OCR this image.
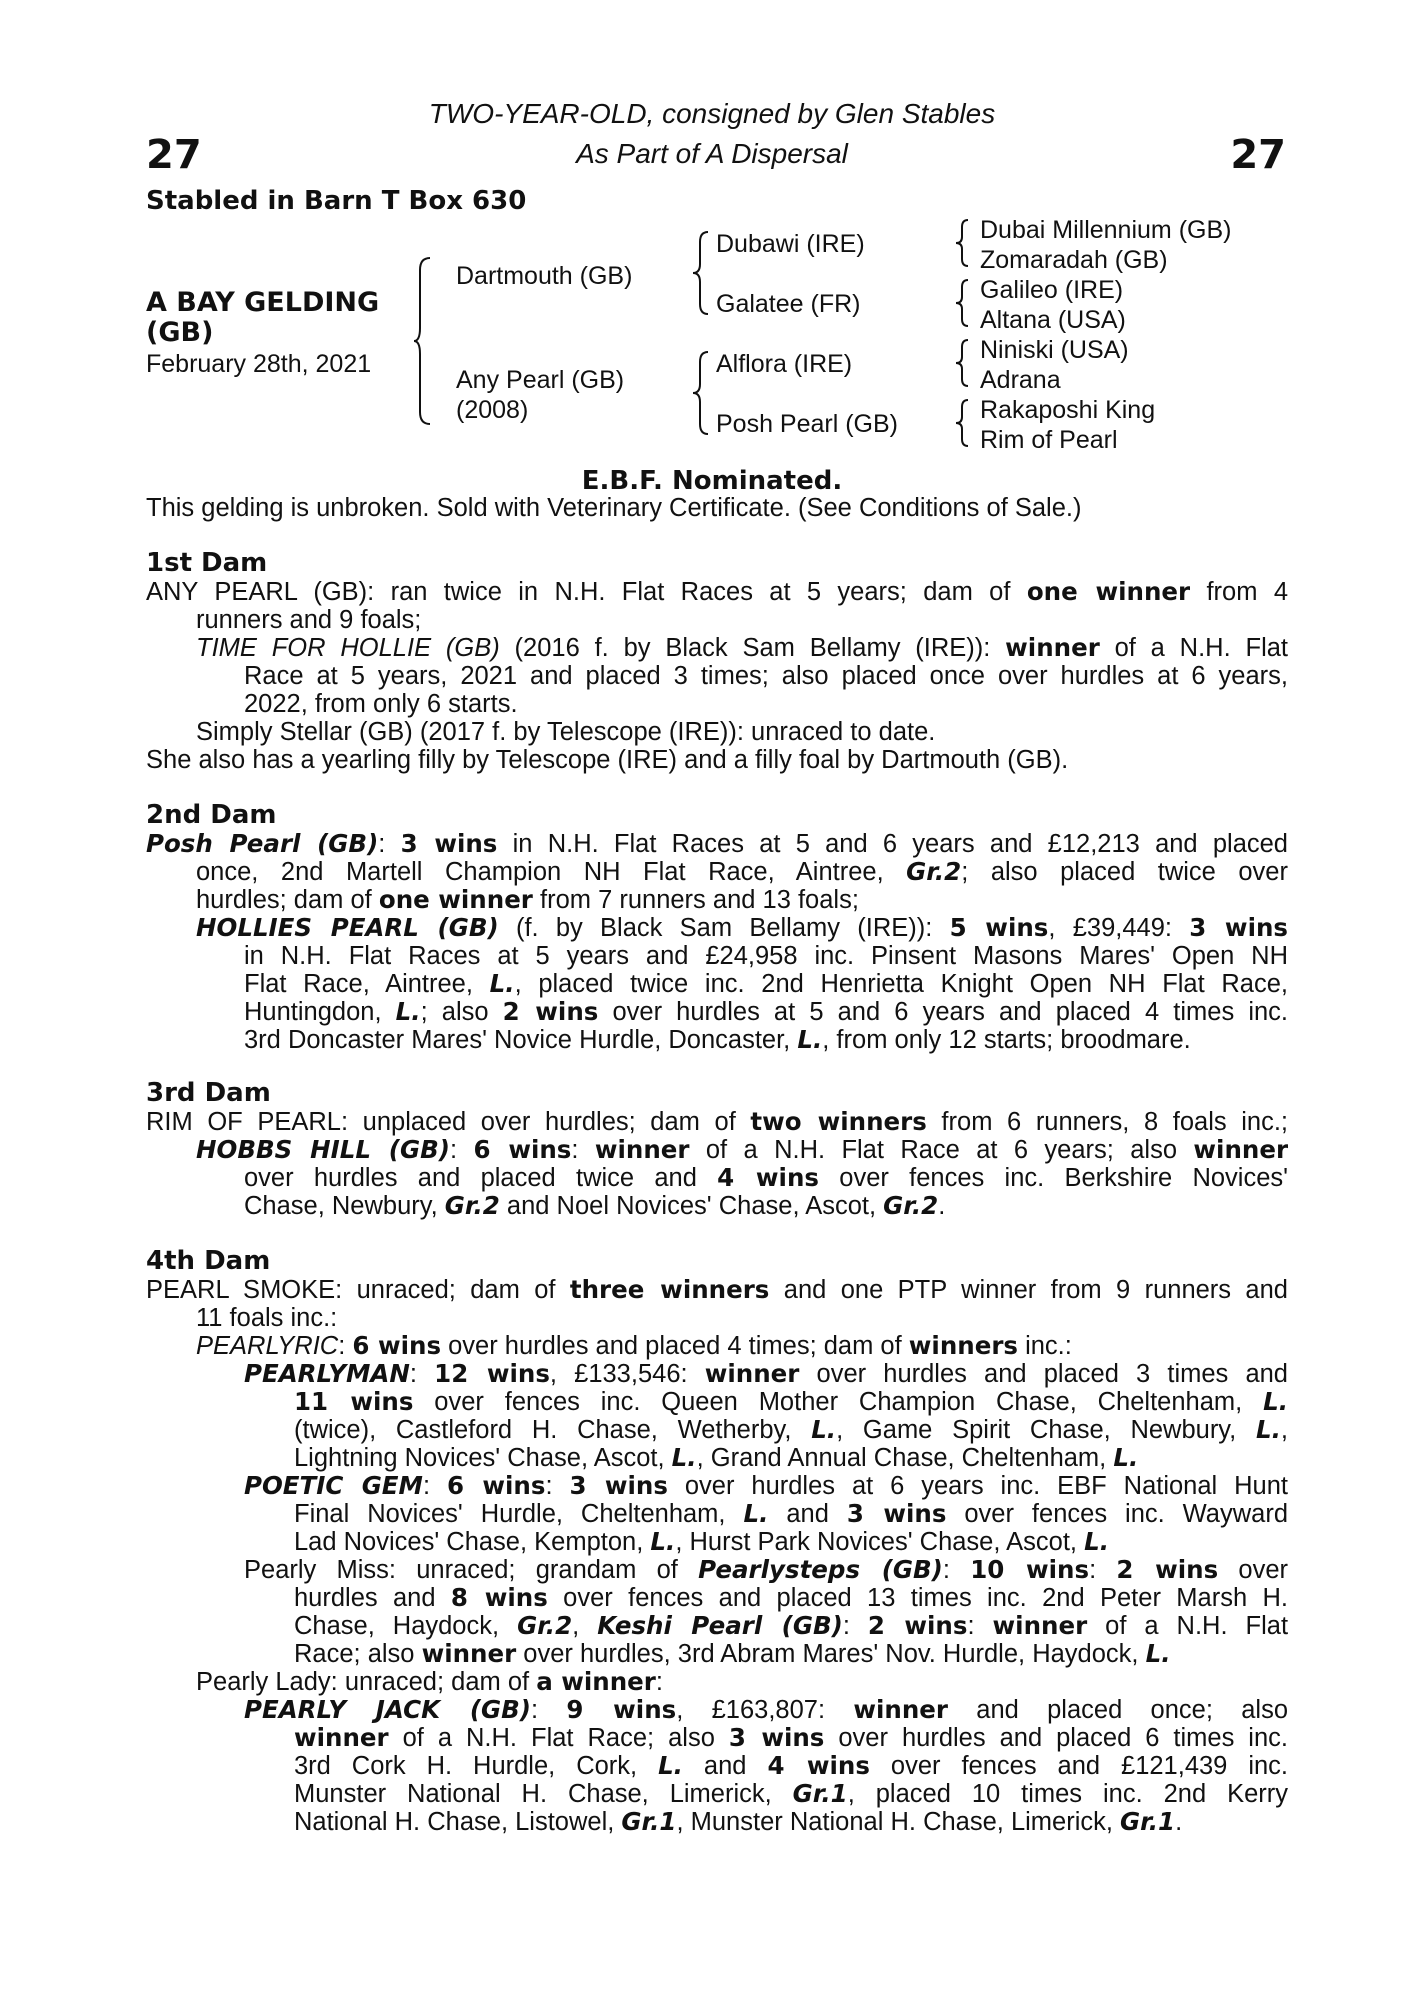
27	27
TWO-YEAR-OLD, consigned by Glen Stables
As Part of A Dispersal
Stabled in Barn T Box 630
A BAY GELDING
(GB)
February 28th, 2021
Dartmouth (GB)
Any Pearl (GB)
(2008)
Dubawi (IRE)
Galatee (FR)
Alflora (IRE)
Posh Pearl (GB)
Dubai Millennium (GB)
Zomaradah (GB)
Galileo (IRE)
Altana (USA)
Niniski (USA)
Adrana
Rakaposhi King
Rim of Pearl
E.B.F. Nominated.
This gelding is unbroken. Sold with Veterinary Certificate. (See Conditions of Sale.)
1st Dam
ANY PEARL (GB): ran twice in N.H. Flat Races at 5 years; dam of one winner from 4
runners and 9 foals;
TIME FOR HOLLIE (GB) (2016 f. by Black Sam Bellamy (IRE)): winner of a N.H. Flat
Race at 5 years, 2021 and placed 3 times; also placed once over hurdles at 6 years,
2022, from only 6 starts.
Simply Stellar (GB) (2017 f. by Telescope (IRE)): unraced to date.
She also has a yearling filly by Telescope (IRE) and a filly foal by Dartmouth (GB).
2nd Dam
Posh Pearl (GB): 3 wins in N.H. Flat Races at 5 and 6 years and £12,213 and placed
once, 2nd Martell Champion NH Flat Race, Aintree, Gr.2; also placed twice over
hurdles; dam of one winner from 7 runners and 13 foals;
HOLLIES PEARL (GB) (f. by Black Sam Bellamy (IRE)): 5 wins, £39,449: 3 wins
in N.H. Flat Races at 5 years and £24,958 inc. Pinsent Masons Mares' Open NH
Flat Race, Aintree, L., placed twice inc. 2nd Henrietta Knight Open NH Flat Race,
Huntingdon, L.; also 2 wins over hurdles at 5 and 6 years and placed 4 times inc.
3rd Doncaster Mares' Novice Hurdle, Doncaster, L., from only 12 starts; broodmare.
3rd Dam
RIM OF PEARL: unplaced over hurdles; dam of two winners from 6 runners, 8 foals inc.;
HOBBS HILL (GB): 6 wins: winner of a N.H. Flat Race at 6 years; also winner
over hurdles and placed twice and 4 wins over fences inc. Berkshire Novices'
Chase, Newbury, Gr.2 and Noel Novices' Chase, Ascot, Gr.2.
4th Dam
PEARL SMOKE: unraced; dam of three winners and one PTP winner from 9 runners and
11 foals inc.:
PEARLYRIC: 6 wins over hurdles and placed 4 times; dam of winners inc.:
PEARLYMAN: 12 wins, £133,546: winner over hurdles and placed 3 times and
11 wins over fences inc. Queen Mother Champion Chase, Cheltenham, L.
(twice), Castleford H. Chase, Wetherby, L., Game Spirit Chase, Newbury, L.,
Lightning Novices' Chase, Ascot, L., Grand Annual Chase, Cheltenham, L.
POETIC GEM: 6 wins: 3 wins over hurdles at 6 years inc. EBF National Hunt
Final Novices' Hurdle, Cheltenham, L. and 3 wins over fences inc. Wayward
Lad Novices' Chase, Kempton, L., Hurst Park Novices' Chase, Ascot, L.
Pearly Miss: unraced; grandam of Pearlysteps (GB): 10 wins: 2 wins over
hurdles and 8 wins over fences and placed 13 times inc. 2nd Peter Marsh H.
Chase, Haydock, Gr.2, Keshi Pearl (GB): 2 wins: winner of a N.H. Flat
Race; also winner over hurdles, 3rd Abram Mares' Nov. Hurdle, Haydock, L.
Pearly Lady: unraced; dam of a winner:
PEARLY JACK (GB): 9 wins, £163,807: winner and placed once; also
winner of a N.H. Flat Race; also 3 wins over hurdles and placed 6 times inc.
3rd Cork H. Hurdle, Cork, L. and 4 wins over fences and £121,439 inc.
Munster National H. Chase, Limerick, Gr.1, placed 10 times inc. 2nd Kerry
National H. Chase, Listowel, Gr.1, Munster National H. Chase, Limerick, Gr.1.
